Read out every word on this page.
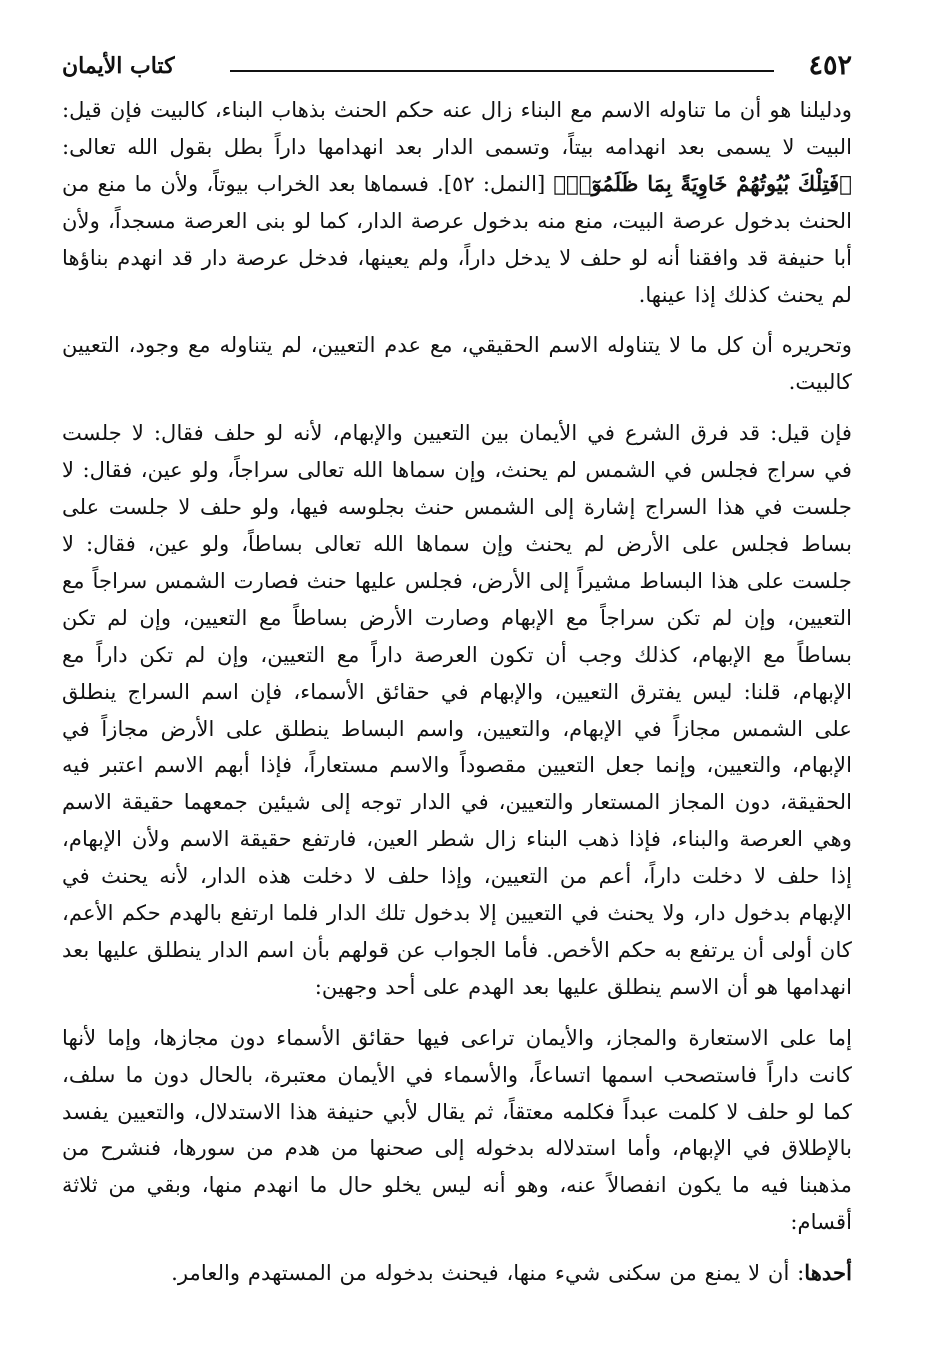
٤٥٢
كتاب الأيمان

ودليلنا هو أن ما تناوله الاسم مع البناء زال عنه حكم الحنث بذهاب البناء، كالبيت فإن قيل: البيت لا يسمى بعد انهدامه بيتاً، وتسمى الدار بعد انهدامها داراً بطل بقول الله تعالى: ﴿فَتِلْكَ بُيُوتُهُمْ خَاوِيَةً بِمَا ظَلَمُوٓا۟﴾ [النمل: ٥٢]. فسماها بعد الخراب بيوتاً، ولأن ما منع من الحنث بدخول عرصة البيت، منع منه بدخول عرصة الدار، كما لو بنى العرصة مسجداً، ولأن أبا حنيفة قد وافقنا أنه لو حلف لا يدخل داراً، ولم يعينها، فدخل عرصة دار قد انهدم بناؤها لم يحنث كذلك إذا عينها.

وتحريره أن كل ما لا يتناوله الاسم الحقيقي، مع عدم التعيين، لم يتناوله مع وجود، التعيين كالبيت.

فإن قيل: قد فرق الشرع في الأيمان بين التعيين والإبهام، لأنه لو حلف فقال: لا جلست في سراج فجلس في الشمس لم يحنث، وإن سماها الله تعالى سراجاً، ولو عين، فقال: لا جلست في هذا السراج إشارة إلى الشمس حنث بجلوسه فيها، ولو حلف لا جلست على بساط فجلس على الأرض لم يحنث وإن سماها الله تعالى بساطاً، ولو عين، فقال: لا جلست على هذا البساط مشيراً إلى الأرض، فجلس عليها حنث فصارت الشمس سراجاً مع التعيين، وإن لم تكن سراجاً مع الإبهام وصارت الأرض بساطاً مع التعيين، وإن لم تكن بساطاً مع الإبهام، كذلك وجب أن تكون العرصة داراً مع التعيين، وإن لم تكن داراً مع الإبهام، قلنا: ليس يفترق التعيين، والإبهام في حقائق الأسماء، فإن اسم السراج ينطلق على الشمس مجازاً في الإبهام، والتعيين، واسم البساط ينطلق على الأرض مجازاً في الإبهام، والتعيين، وإنما جعل التعيين مقصوداً والاسم مستعاراً، فإذا أبهم الاسم اعتبر فيه الحقيقة، دون المجاز المستعار والتعيين، في الدار توجه إلى شيئين جمعهما حقيقة الاسم وهي العرصة والبناء، فإذا ذهب البناء زال شطر العين، فارتفع حقيقة الاسم ولأن الإبهام، إذا حلف لا دخلت داراً، أعم من التعيين، وإذا حلف لا دخلت هذه الدار، لأنه يحنث في الإبهام بدخول دار، ولا يحنث في التعيين إلا بدخول تلك الدار فلما ارتفع بالهدم حكم الأعم، كان أولى أن يرتفع به حكم الأخص. فأما الجواب عن قولهم بأن اسم الدار ينطلق عليها بعد انهدامها هو أن الاسم ينطلق عليها بعد الهدم على أحد وجهين:

إما على الاستعارة والمجاز، والأيمان تراعى فيها حقائق الأسماء دون مجازها، وإما لأنها كانت داراً فاستصحب اسمها اتساعاً، والأسماء في الأيمان معتبرة، بالحال دون ما سلف، كما لو حلف لا كلمت عبداً فكلمه معتقاً، ثم يقال لأبي حنيفة هذا الاستدلال، والتعيين يفسد بالإطلاق في الإبهام، وأما استدلاله بدخوله إلى صحنها من هدم من سورها، فنشرح من مذهبنا فيه ما يكون انفصالاً عنه، وهو أنه ليس يخلو حال ما انهدم منها، وبقي من ثلاثة أقسام:

أحدها: أن لا يمنع من سكنى شيء منها، فيحنث بدخوله من المستهدم والعامر.
